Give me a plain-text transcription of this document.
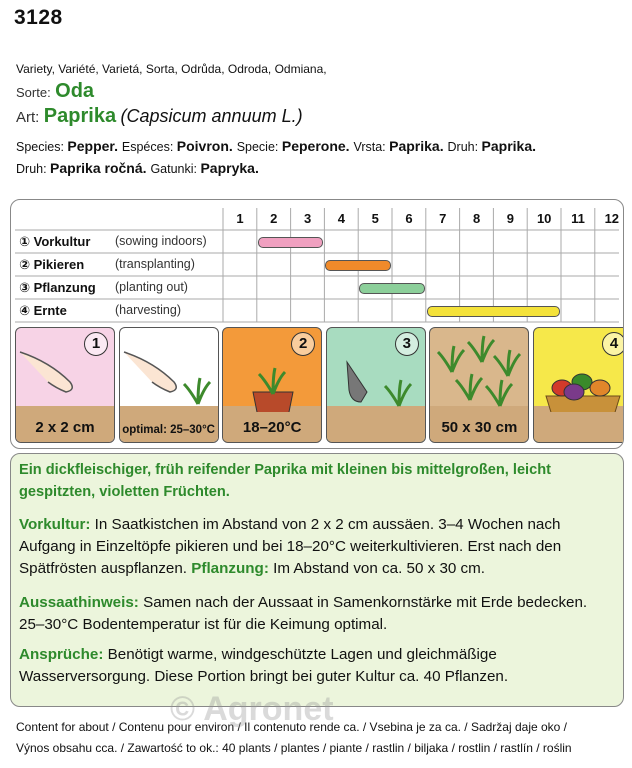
3128
Variety, Variété, Varietá, Sorta, Odrůda, Odroda, Odmiana,
Sorte: Oda
Art: Paprika (Capsicum annuum L.)
Species: Pepper. Espéces: Poivron. Specie: Peperone. Vrsta: Paprika. Druh: Paprika.
Druh: Paprika ročná. Gatunki: Papryka.
1	2	3	4	5	6	7	8	9	10	11	12
① Vorkultur (sowing indoors)
② Pikieren (transplanting)
③ Pflanzung (planting out)
④ Ernte	(harvesting)
1
2 x 2 cm	optimal: 25–30°C
2
18–20°C
3
50 x 30 cm
4

Ein dickfleischiger, früh reifender Paprika mit kleinen bis mittelgroßen, leicht gespitzten, violetten Früchten.

Vorkultur: In Saatkistchen im Abstand von 2 x 2 cm aussäen. 3–4 Wochen nach Aufgang in Einzeltöpfe pikieren und bei 18–20°C weiterkultivieren. Erst nach den Spätfrösten auspflanzen. Pflanzung: Im Abstand von ca. 50 x 30 cm.

Aussaathinweis: Samen nach der Aussaat in Samenkornstärke mit Erde bedecken. 25–30°C Bodentemperatur ist für die Keimung optimal.

Ansprüche: Benötigt warme, windgeschützte Lagen und gleichmäßige Wasserversorgung. Diese Portion bringt bei guter Kultur ca. 40 Pflanzen.

Content for about / Contenu pour environ / Il contenuto rende ca. / Vsebina je za ca. / Sadržaj daje oko /
Výnos obsahu cca. / Zawartość to ok.: 40 plants / plantes / piante / rastlin / biljaka / rostlin / rastlín / roślin
© Agronet
